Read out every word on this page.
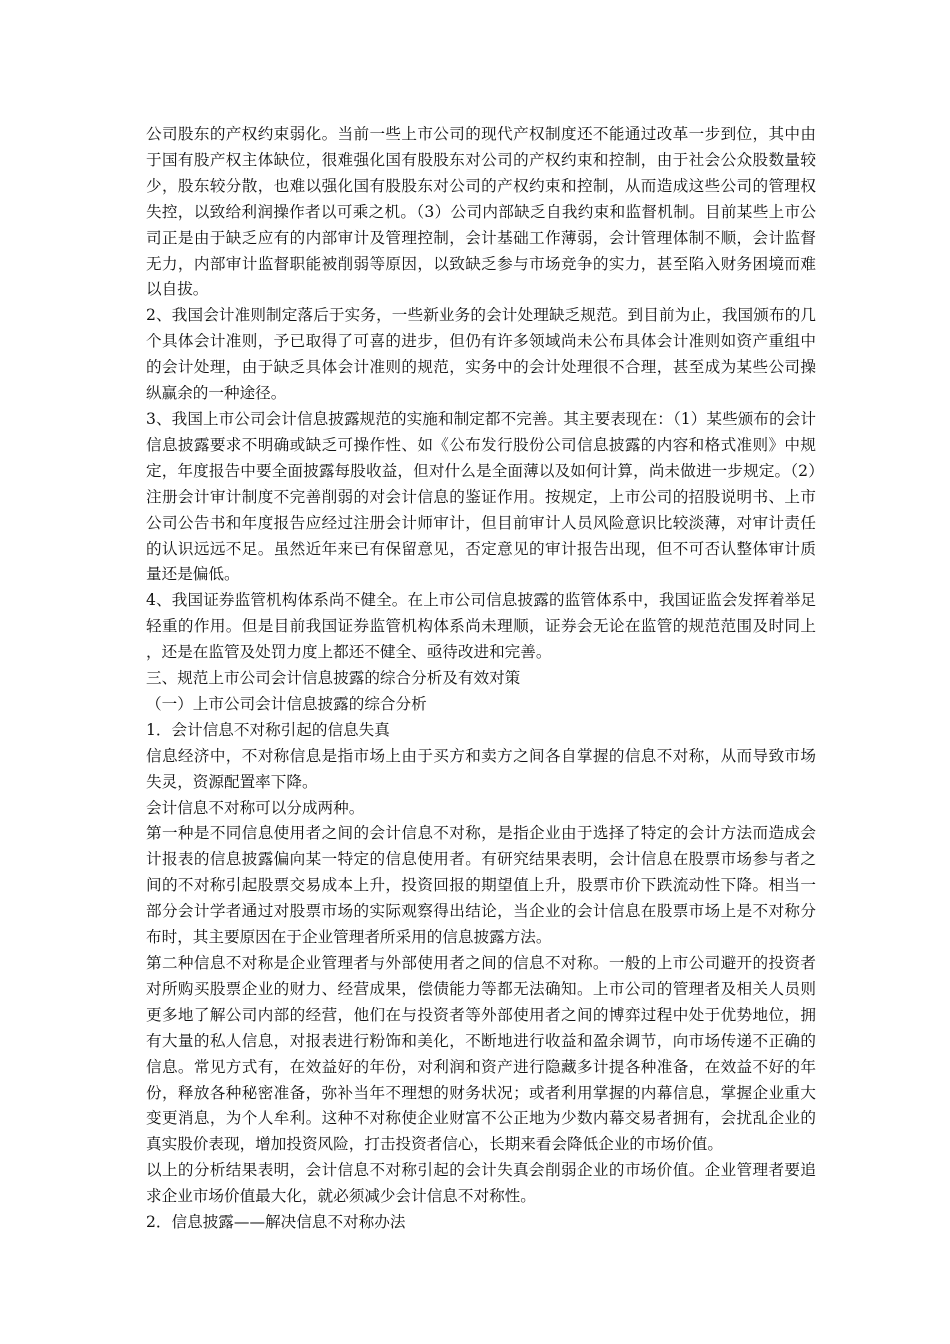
公司股东的产权约束弱化。当前一些上市公司的现代产权制度还不能通过改革一步到位，其中由于国有股产权主体缺位，很难强化国有股股东对公司的产权约束和控制，由于社会公众股数量较少，股东较分散，也难以强化国有股股东对公司的产权约束和控制，从而造成这些公司的管理权失控，以致给利润操作者以可乘之机。（3）公司内部缺乏自我约束和监督机制。目前某些上市公司正是由于缺乏应有的内部审计及管理控制，会计基础工作薄弱，会计管理体制不顺，会计监督无力，内部审计监督职能被削弱等原因，以致缺乏参与市场竞争的实力，甚至陷入财务困境而难以自拔。

2、我国会计准则制定落后于实务，一些新业务的会计处理缺乏规范。到目前为止，我国颁布的几个具体会计准则，予已取得了可喜的进步，但仍有许多领域尚未公布具体会计准则如资产重组中的会计处理，由于缺乏具体会计准则的规范，实务中的会计处理很不合理，甚至成为某些公司操纵赢余的一种途径。

3、我国上市公司会计信息披露规范的实施和制定都不完善。其主要表现在：（1）某些颁布的会计信息披露要求不明确或缺乏可操作性、如《公布发行股份公司信息披露的内容和格式准则》中规定，年度报告中要全面披露每股收益，但对什么是全面薄以及如何计算，尚未做进一步规定。（2）注册会计审计制度不完善削弱的对会计信息的鉴证作用。按规定，上市公司的招股说明书、上市公司公告书和年度报告应经过注册会计师审计，但目前审计人员风险意识比较淡薄，对审计责任的认识远远不足。虽然近年来已有保留意见，否定意见的审计报告出现，但不可否认整体审计质量还是偏低。

4、我国证券监管机构体系尚不健全。在上市公司信息披露的监管体系中，我国证监会发挥着举足轻重的作用。但是目前我国证券监管机构体系尚未理顺，证券会无论在监管的规范范围及时同上，还是在监管及处罚力度上都还不健全、亟待改进和完善。

三、规范上市公司会计信息披露的综合分析及有效对策

（一）上市公司会计信息披露的综合分析

1．会计信息不对称引起的信息失真

信息经济中，不对称信息是指市场上由于买方和卖方之间各自掌握的信息不对称，从而导致市场失灵，资源配置率下降。

会计信息不对称可以分成两种。

第一种是不同信息使用者之间的会计信息不对称，是指企业由于选择了特定的会计方法而造成会计报表的信息披露偏向某一特定的信息使用者。有研究结果表明，会计信息在股票市场参与者之间的不对称引起股票交易成本上升，投资回报的期望值上升，股票市价下跌流动性下降。相当一部分会计学者通过对股票市场的实际观察得出结论，当企业的会计信息在股票市场上是不对称分布时，其主要原因在于企业管理者所采用的信息披露方法。

第二种信息不对称是企业管理者与外部使用者之间的信息不对称。一般的上市公司避开的投资者对所购买股票企业的财力、经营成果，偿债能力等都无法确知。上市公司的管理者及相关人员则更多地了解公司内部的经营，他们在与投资者等外部使用者之间的博弈过程中处于优势地位，拥有大量的私人信息，对报表进行粉饰和美化，不断地进行收益和盈余调节，向市场传递不正确的信息。常见方式有，在效益好的年份，对利润和资产进行隐藏多计提各种准备，在效益不好的年份，释放各种秘密准备，弥补当年不理想的财务状况；或者利用掌握的内幕信息，掌握企业重大变更消息，为个人牟利。这种不对称使企业财富不公正地为少数内幕交易者拥有，会扰乱企业的真实股价表现，增加投资风险，打击投资者信心，长期来看会降低企业的市场价值。

以上的分析结果表明，会计信息不对称引起的会计失真会削弱企业的市场价值。企业管理者要追求企业市场价值最大化，就必须减少会计信息不对称性。

2．信息披露——解决信息不对称办法
